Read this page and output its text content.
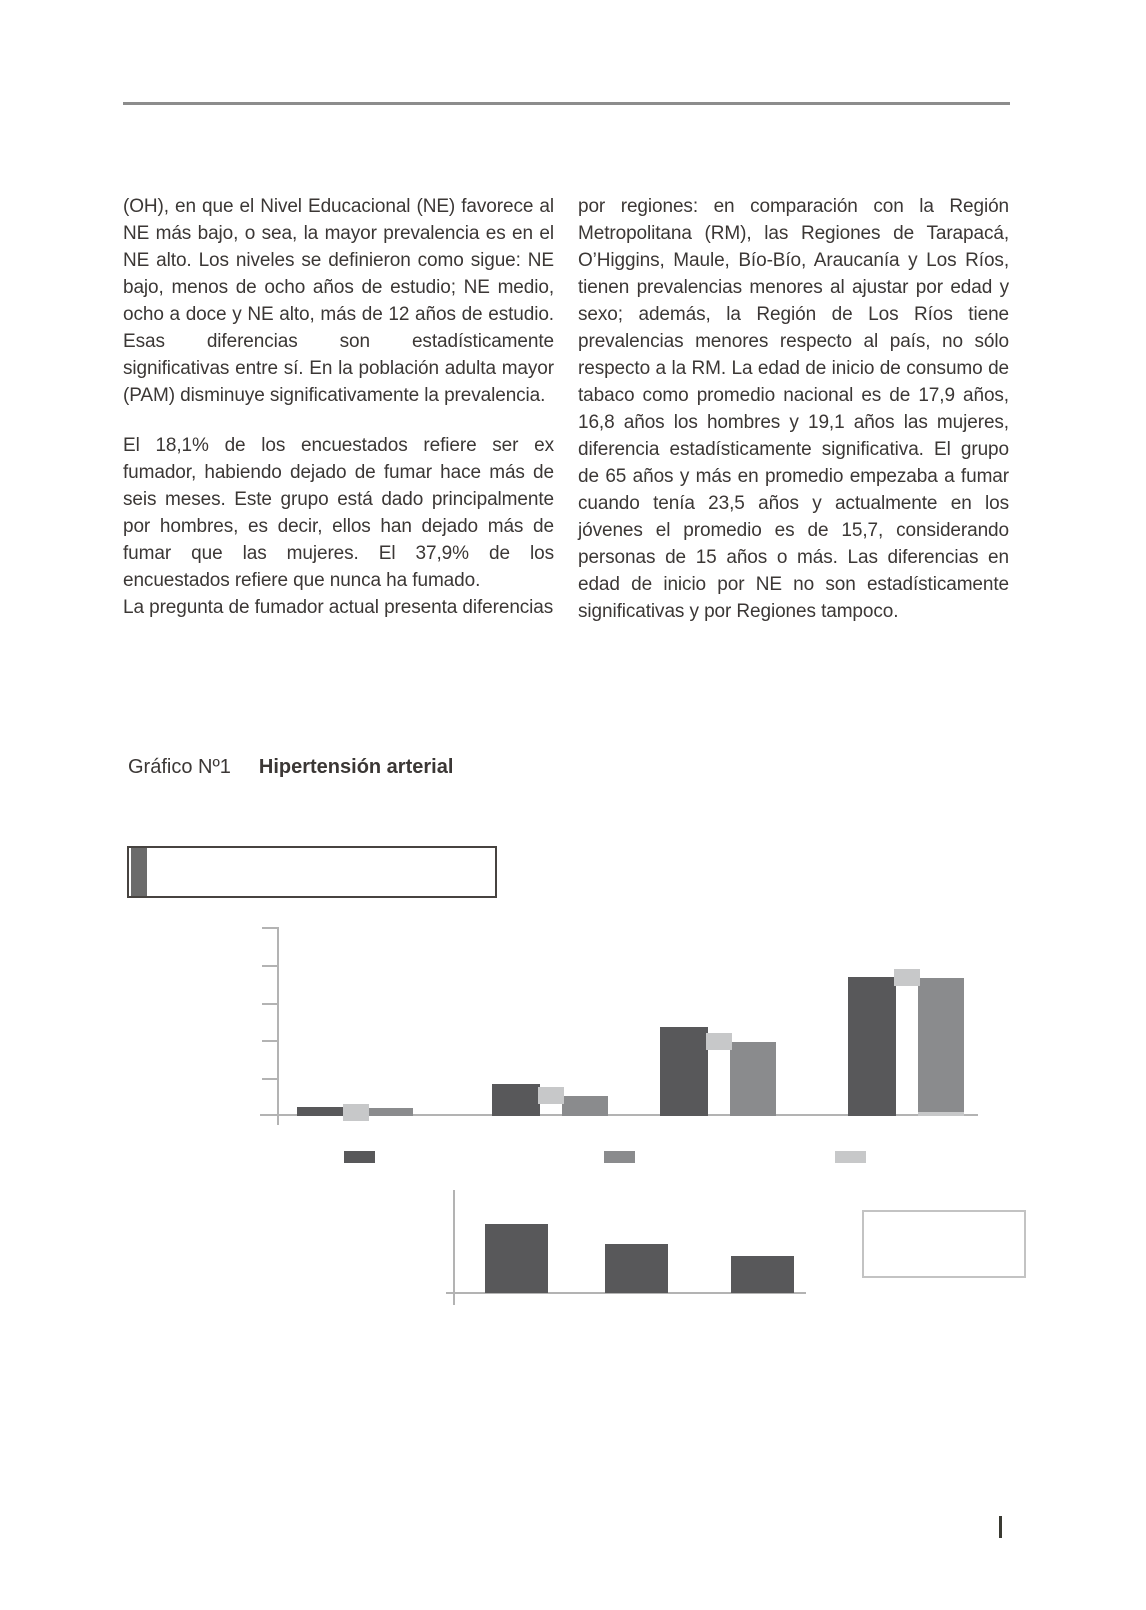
(OH), en que el Nivel Educacional (NE) favorece al NE más bajo, o sea, la mayor prevalencia es en el NE alto. Los niveles se definieron como sigue: NE bajo, menos de ocho años de estudio; NE medio, ocho a doce y NE alto, más de 12 años de estudio. Esas diferencias son estadísticamente significativas entre sí. En la población adulta mayor (PAM) disminuye significativamente la prevalencia.

El 18,1% de los encuestados refiere ser ex fumador, habiendo dejado de fumar hace más de seis meses. Este grupo está dado principalmente por hombres, es decir, ellos han dejado más de fumar que las mujeres. El 37,9% de los encuestados refiere que nunca ha fumado.

La pregunta de fumador actual presenta diferencias

por regiones: en comparación con la Región Metropolitana (RM), las Regiones de Tarapacá, O’Higgins, Maule, Bío-Bío, Araucanía y Los Ríos, tienen prevalencias menores al ajustar por edad y sexo; además, la Región de Los Ríos tiene prevalencias menores respecto al país, no sólo respecto a la RM. La edad de inicio de consumo de tabaco como promedio nacional es de 17,9 años, 16,8 años los hombres y 19,1 años las mujeres, diferencia estadísticamente significativa. El grupo de 65 años y más en promedio empezaba a fumar cuando tenía 23,5 años y actualmente en los jóvenes el promedio es de 15,7, considerando personas de 15 años o más. Las diferencias en edad de inicio por NE no son estadísticamente significativas y por Regiones tampoco.

Gráfico Nº1 Hipertensión arterial
